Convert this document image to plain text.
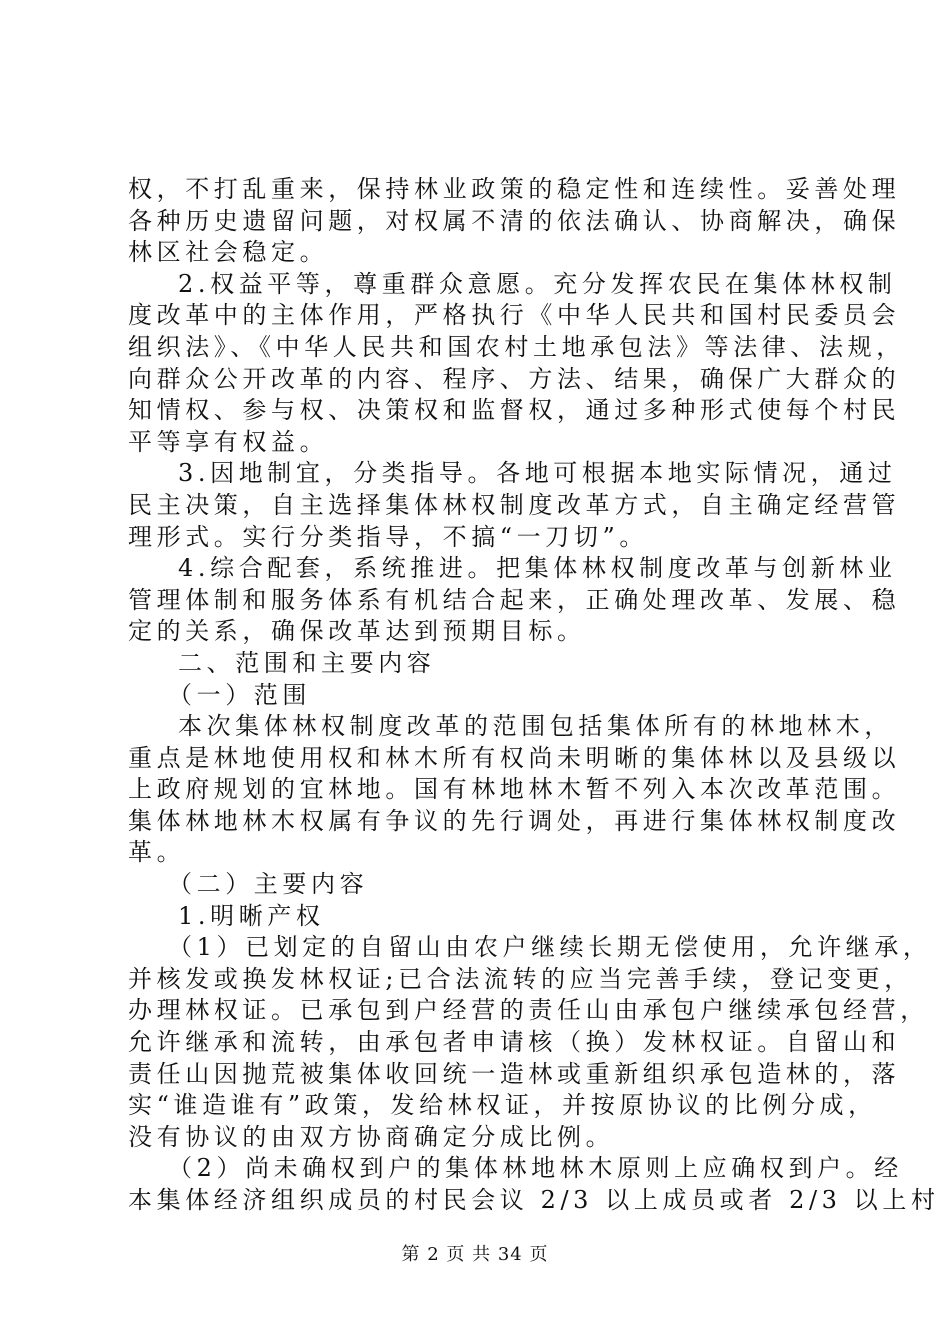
权，不打乱重来，保持林业政策的稳定性和连续性。妥善处理
各种历史遗留问题，对权属不清的依法确认、协商解决，确保
林区社会稳定。
2.权益平等，尊重群众意愿。充分发挥农民在集体林权制
度改革中的主体作用，严格执行《中华人民共和国村民委员会
组织法》、《中华人民共和国农村土地承包法》等法律、法规，
向群众公开改革的内容、程序、方法、结果，确保广大群众的
知情权、参与权、决策权和监督权，通过多种形式使每个村民
平等享有权益。
3.因地制宜，分类指导。各地可根据本地实际情况，通过
民主决策，自主选择集体林权制度改革方式，自主确定经营管
理形式。实行分类指导，不搞“一刀切”。
4.综合配套，系统推进。把集体林权制度改革与创新林业
管理体制和服务体系有机结合起来，正确处理改革、发展、稳
定的关系，确保改革达到预期目标。
二、范围和主要内容
（一）范围
本次集体林权制度改革的范围包括集体所有的林地林木，
重点是林地使用权和林木所有权尚未明晰的集体林以及县级以
上政府规划的宜林地。国有林地林木暂不列入本次改革范围。
集体林地林木权属有争议的先行调处，再进行集体林权制度改
革。
（二）主要内容
1.明晰产权
（1）已划定的自留山由农户继续长期无偿使用，允许继承，
并核发或换发林权证;已合法流转的应当完善手续，登记变更，
办理林权证。已承包到户经营的责任山由承包户继续承包经营，
允许继承和流转，由承包者申请核（换）发林权证。自留山和
责任山因抛荒被集体收回统一造林或重新组织承包造林的，落
实“谁造谁有”政策，发给林权证，并按原协议的比例分成，
没有协议的由双方协商确定分成比例。
（2）尚未确权到户的集体林地林木原则上应确权到户。经
本集体经济组织成员的村民会议 2/3 以上成员或者 2/3 以上村
第 2 页 共 34 页
